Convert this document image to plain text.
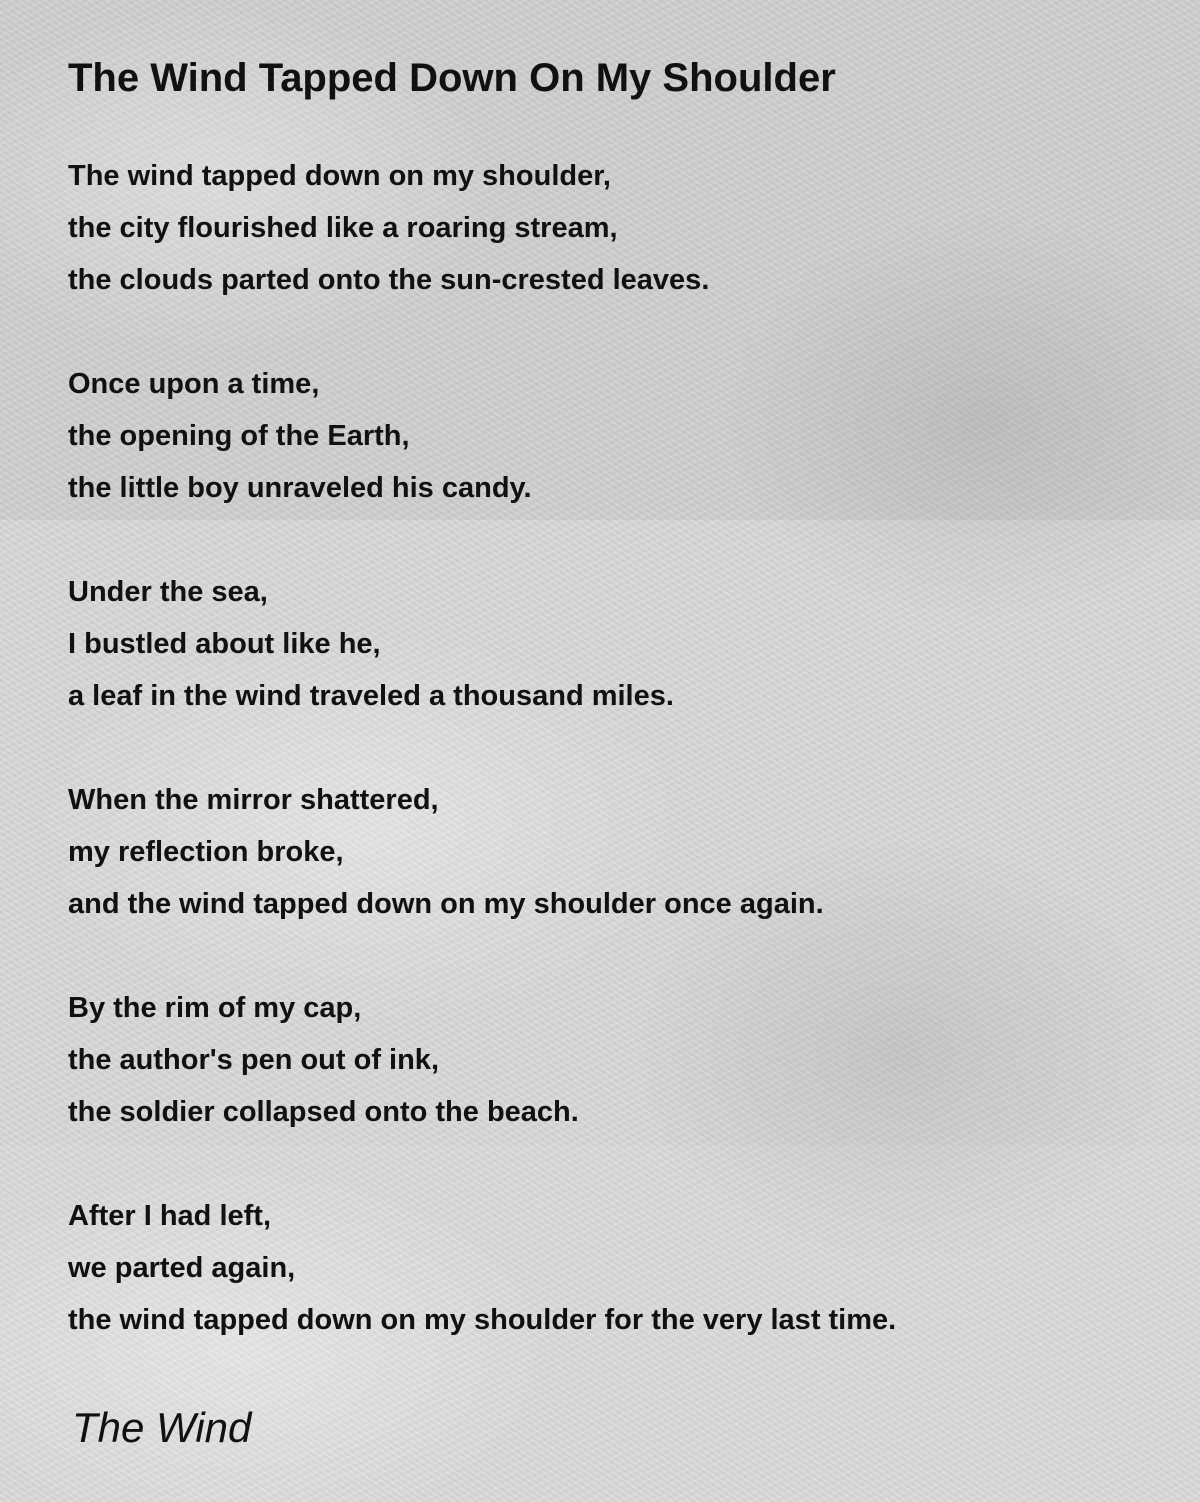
The Wind Tapped Down On My Shoulder

The wind tapped down on my shoulder,
the city flourished like a roaring stream,
the clouds parted onto the sun-crested leaves.

Once upon a time,
the opening of the Earth,
the little boy unraveled his candy.

Under the sea,
I bustled about like he,
a leaf in the wind traveled a thousand miles.

When the mirror shattered,
my reflection broke,
and the wind tapped down on my shoulder once again.

By the rim of my cap,
the author's pen out of ink,
the soldier collapsed onto the beach.

After I had left,
we parted again,
the wind tapped down on my shoulder for the very last time.

The Wind
